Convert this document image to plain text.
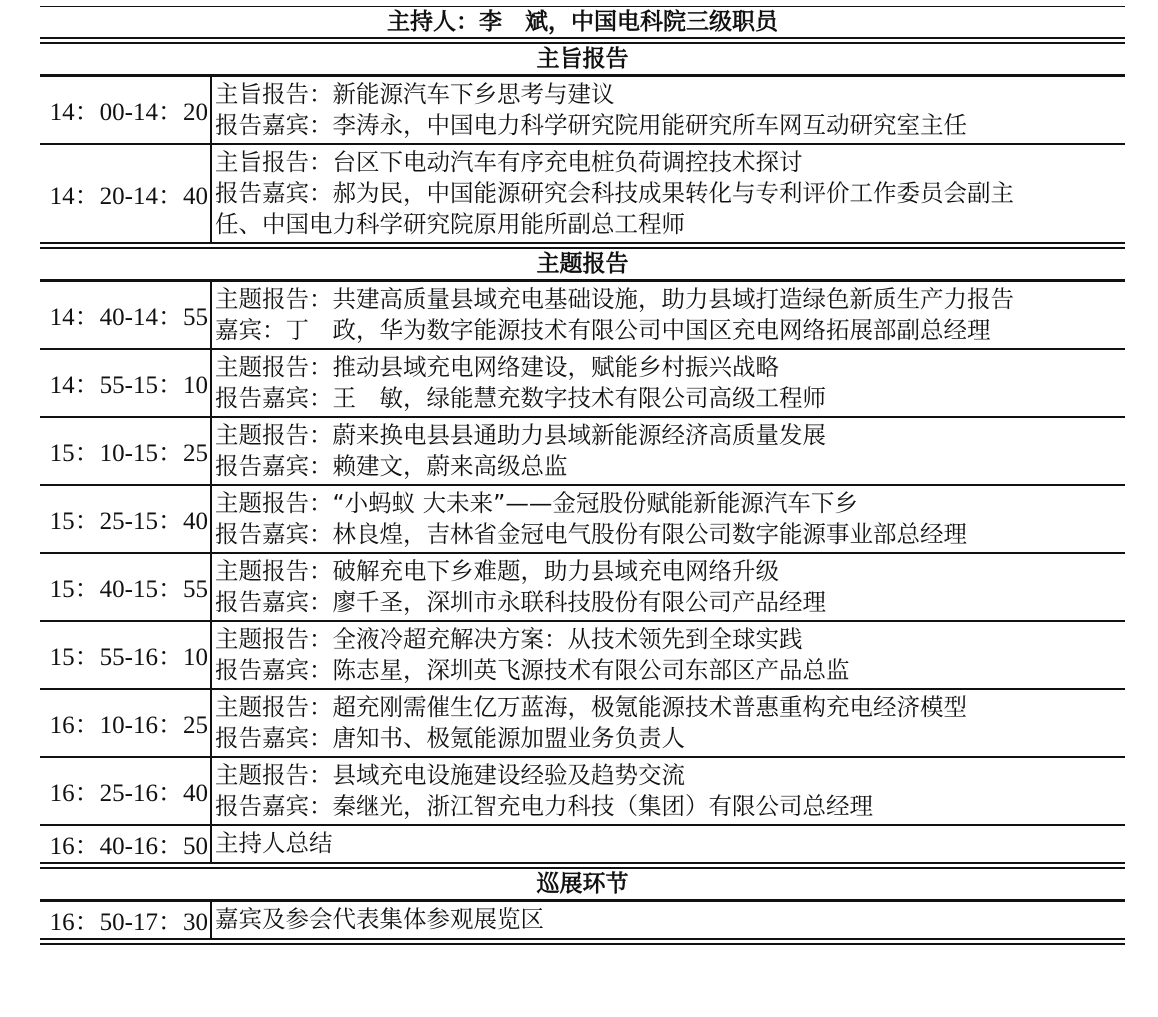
主持人：李　斌，中国电科院三级职员
主旨报告
14：00-14：20
主旨报告：新能源汽车下乡思考与建议
报告嘉宾：李涛永，中国电力科学研究院用能研究所车网互动研究室主任
14：20-14：40
主旨报告：台区下电动汽车有序充电桩负荷调控技术探讨
报告嘉宾：郝为民，中国能源研究会科技成果转化与专利评价工作委员会副主
任、中国电力科学研究院原用能所副总工程师
主题报告
14：40-14：55
主题报告：共建高质量县域充电基础设施，助力县域打造绿色新质生产力报告
嘉宾：丁　政，华为数字能源技术有限公司中国区充电网络拓展部副总经理
14：55-15：10
主题报告：推动县域充电网络建设，赋能乡村振兴战略
报告嘉宾：王　敏，绿能慧充数字技术有限公司高级工程师
15：10-15：25
主题报告：蔚来换电县县通助力县域新能源经济高质量发展
报告嘉宾：赖建文，蔚来高级总监
15：25-15：40
主题报告：“小蚂蚁 大未来”——金冠股份赋能新能源汽车下乡
报告嘉宾：林良煌，吉林省金冠电气股份有限公司数字能源事业部总经理
15：40-15：55
主题报告：破解充电下乡难题，助力县域充电网络升级
报告嘉宾：廖千圣，深圳市永联科技股份有限公司产品经理
15：55-16：10
主题报告：全液冷超充解决方案：从技术领先到全球实践
报告嘉宾：陈志星，深圳英飞源技术有限公司东部区产品总监
16：10-16：25
主题报告：超充刚需催生亿万蓝海，极氪能源技术普惠重构充电经济模型
报告嘉宾：唐知书、极氪能源加盟业务负责人
16：25-16：40
主题报告：县域充电设施建设经验及趋势交流
报告嘉宾：秦继光，浙江智充电力科技（集团）有限公司总经理
16：40-16：50 主持人总结
巡展环节
16：50-17：30 嘉宾及参会代表集体参观展览区
